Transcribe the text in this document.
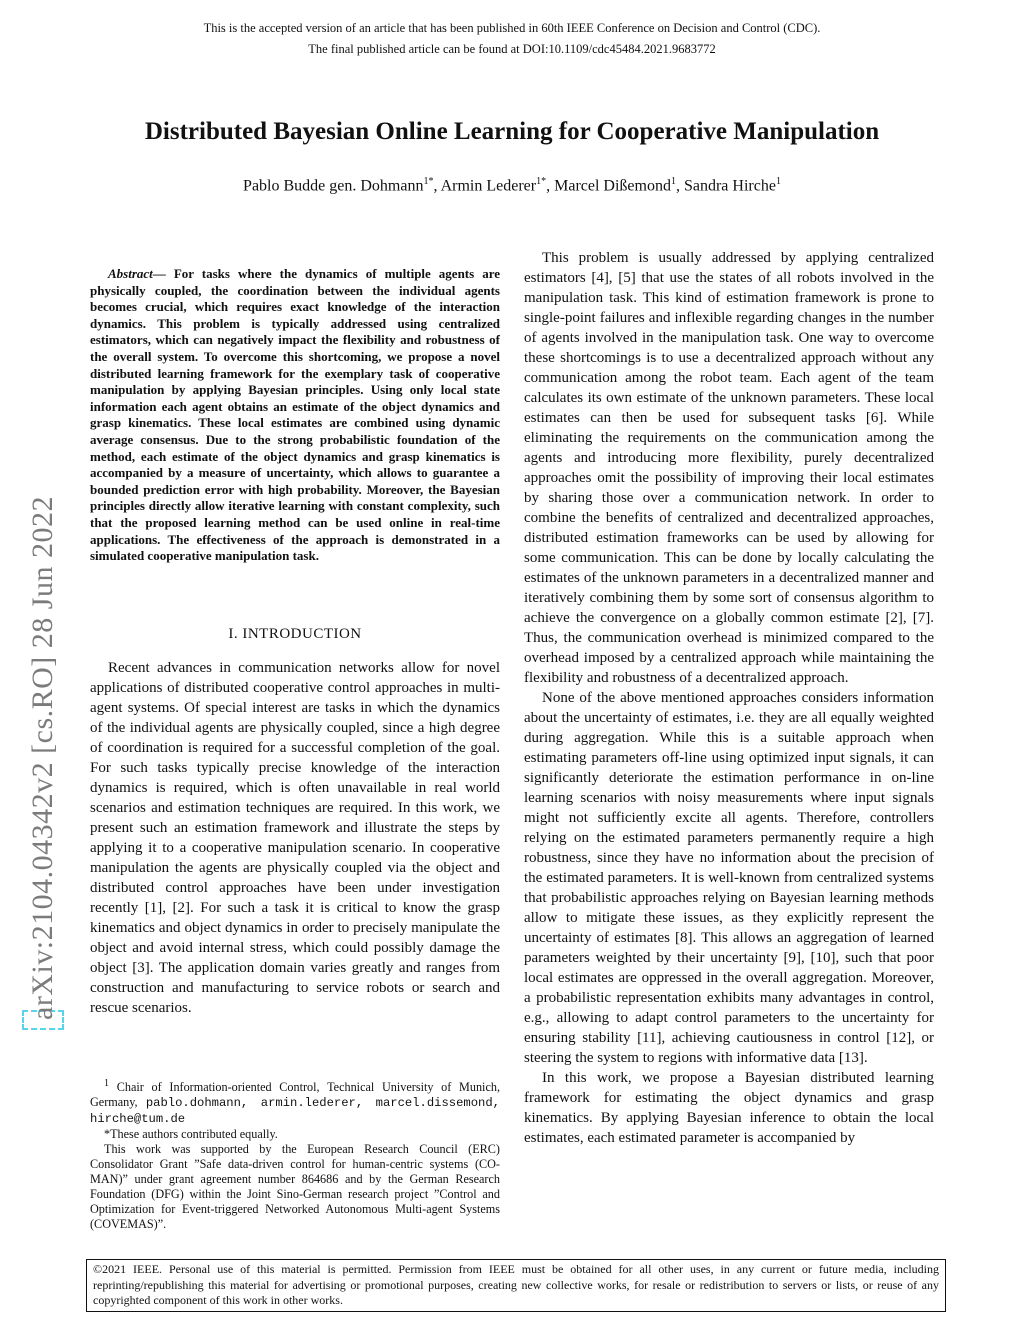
This is the accepted version of an article that has been published in 60th IEEE Conference on Decision and Control (CDC).
The final published article can be found at DOI:10.1109/cdc45484.2021.9683772
Distributed Bayesian Online Learning for Cooperative Manipulation
Pablo Budde gen. Dohmann$^{1*}$, Armin Lederer$^{1*}$, Marcel Dißemond$^1$, Sandra Hirche$^1$
arXiv:2104.04342v2 [cs.RO] 28 Jun 2022
Abstract— For tasks where the dynamics of multiple agents are physically coupled, the coordination between the individual agents becomes crucial, which requires exact knowledge of the interaction dynamics. This problem is typically addressed using centralized estimators, which can negatively impact the flexibility and robustness of the overall system. To overcome this shortcoming, we propose a novel distributed learning framework for the exemplary task of cooperative manipulation by applying Bayesian principles. Using only local state information each agent obtains an estimate of the object dynamics and grasp kinematics. These local estimates are combined using dynamic average consensus. Due to the strong probabilistic foundation of the method, each estimate of the object dynamics and grasp kinematics is accompanied by a measure of uncertainty, which allows to guarantee a bounded prediction error with high probability. Moreover, the Bayesian principles directly allow iterative learning with constant complexity, such that the proposed learning method can be used online in real-time applications. The effectiveness of the approach is demonstrated in a simulated cooperative manipulation task.
I. INTRODUCTION

Recent advances in communication networks allow for novel applications of distributed cooperative control approaches in multi-agent systems. Of special interest are tasks in which the dynamics of the individual agents are physically coupled, since a high degree of coordination is required for a successful completion of the goal. For such tasks typically precise knowledge of the interaction dynamics is required, which is often unavailable in real world scenarios and estimation techniques are required. In this work, we present such an estimation framework and illustrate the steps by applying it to a cooperative manipulation scenario. In cooperative manipulation the agents are physically coupled via the object and distributed control approaches have been under investigation recently [1], [2]. For such a task it is critical to know the grasp kinematics and object dynamics in order to precisely manipulate the object and avoid internal stress, which could possibly damage the object [3]. The application domain varies greatly and ranges from construction and manufacturing to service robots or search and rescue scenarios.

$^1$ Chair of Information-oriented Control, Technical University of Munich, Germany, pablo.dohmann, armin.lederer, marcel.dissemond, hirche@tum.de

*These authors contributed equally.

This work was supported by the European Research Council (ERC) Consolidator Grant ”Safe data-driven control for human-centric systems (CO-MAN)” under grant agreement number 864686 and by the German Research Foundation (DFG) within the Joint Sino-German research project ”Control and Optimization for Event-triggered Networked Autonomous Multi-agent Systems (COVEMAS)”.

This problem is usually addressed by applying centralized estimators [4], [5] that use the states of all robots involved in the manipulation task. This kind of estimation framework is prone to single-point failures and inflexible regarding changes in the number of agents involved in the manipulation task. One way to overcome these shortcomings is to use a decentralized approach without any communication among the robot team. Each agent of the team calculates its own estimate of the unknown parameters. These local estimates can then be used for subsequent tasks [6]. While eliminating the requirements on the communication among the agents and introducing more flexibility, purely decentralized approaches omit the possibility of improving their local estimates by sharing those over a communication network. In order to combine the benefits of centralized and decentralized approaches, distributed estimation frameworks can be used by allowing for some communication. This can be done by locally calculating the estimates of the unknown parameters in a decentralized manner and iteratively combining them by some sort of consensus algorithm to achieve the convergence on a globally common estimate [2], [7]. Thus, the communication overhead is minimized compared to the overhead imposed by a centralized approach while maintaining the flexibility and robustness of a decentralized approach.

None of the above mentioned approaches considers information about the uncertainty of estimates, i.e. they are all equally weighted during aggregation. While this is a suitable approach when estimating parameters off-line using optimized input signals, it can significantly deteriorate the estimation performance in on-line learning scenarios with noisy measurements where input signals might not sufficiently excite all agents. Therefore, controllers relying on the estimated parameters permanently require a high robustness, since they have no information about the precision of the estimated parameters. It is well-known from centralized systems that probabilistic approaches relying on Bayesian learning methods allow to mitigate these issues, as they explicitly represent the uncertainty of estimates [8]. This allows an aggregation of learned parameters weighted by their uncertainty [9], [10], such that poor local estimates are oppressed in the overall aggregation. Moreover, a probabilistic representation exhibits many advantages in control, e.g., allowing to adapt control parameters to the uncertainty for ensuring stability [11], achieving cautiousness in control [12], or steering the system to regions with informative data [13].

In this work, we propose a Bayesian distributed learning framework for estimating the object dynamics and grasp kinematics. By applying Bayesian inference to obtain the local estimates, each estimated parameter is accompanied by

©2021 IEEE. Personal use of this material is permitted. Permission from IEEE must be obtained for all other uses, in any current or future media, including reprinting/republishing this material for advertising or promotional purposes, creating new collective works, for resale or redistribution to servers or lists, or reuse of any copyrighted component of this work in other works.
